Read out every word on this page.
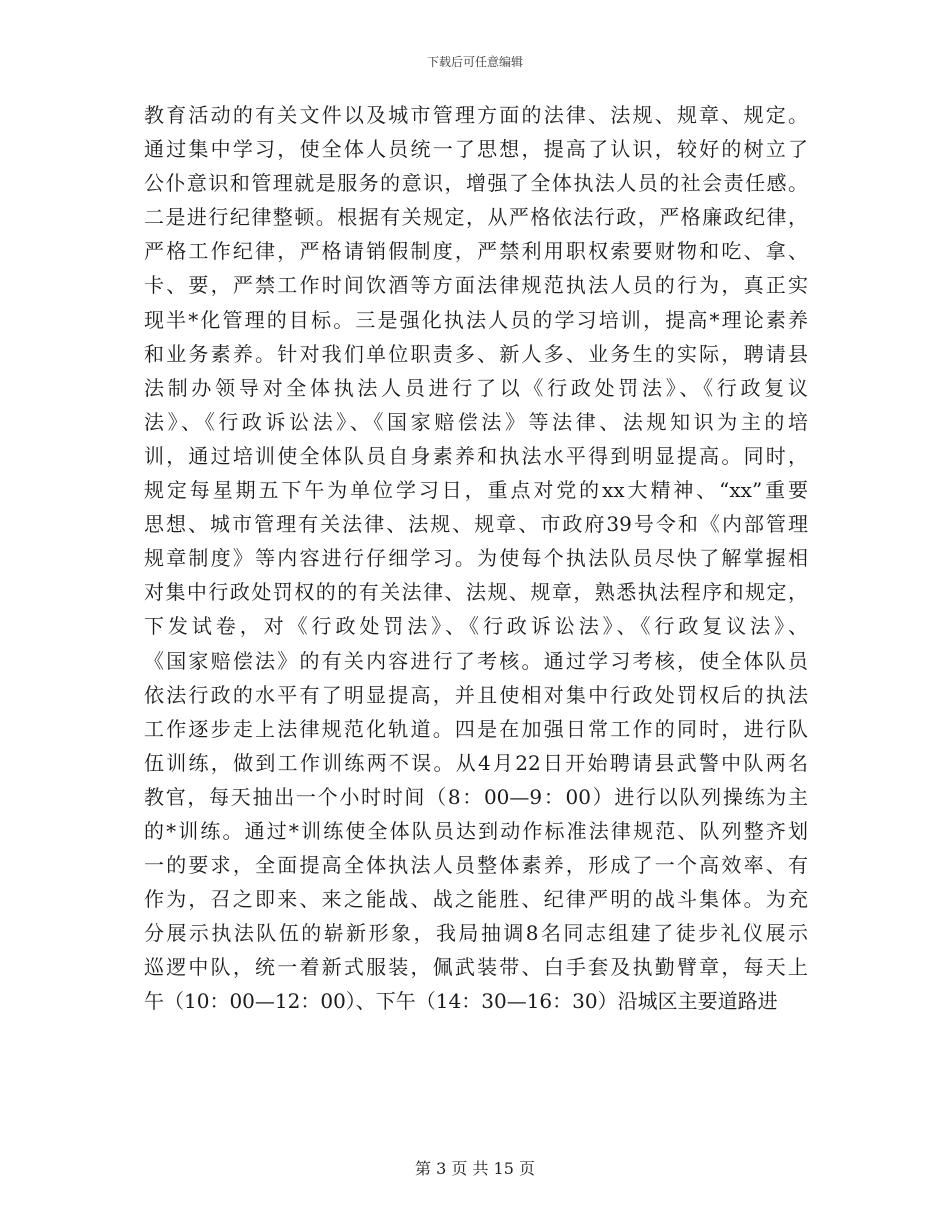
下载后可任意编辑
教育活动的有关文件以及城市管理方面的法律、法规、规章、规定。
通过集中学习，使全体人员统一了思想，提高了认识，较好的树立了
公仆意识和管理就是服务的意识，增强了全体执法人员的社会责任感。
二是进行纪律整顿。根据有关规定，从严格依法行政，严格廉政纪律，
严格工作纪律，严格请销假制度，严禁利用职权索要财物和吃、拿、
卡、要，严禁工作时间饮酒等方面法律规范执法人员的行为，真正实
现半*化管理的目标。三是强化执法人员的学习培训，提高*理论素养
和业务素养。针对我们单位职责多、新人多、业务生的实际，聘请县
法制办领导对全体执法人员进行了以《行政处罚法》、《行政复议
法》、《行政诉讼法》、《国家赔偿法》等法律、法规知识为主的培
训，通过培训使全体队员自身素养和执法水平得到明显提高。同时，
规定每星期五下午为单位学习日，重点对党的xx大精神、“xx”重要
思想、城市管理有关法律、法规、规章、市政府39号令和《内部管理
规章制度》等内容进行仔细学习。为使每个执法队员尽快了解掌握相
对集中行政处罚权的的有关法律、法规、规章，熟悉执法程序和规定，
下发试卷，对《行政处罚法》、《行政诉讼法》、《行政复议法》、
《国家赔偿法》的有关内容进行了考核。通过学习考核，使全体队员
依法行政的水平有了明显提高，并且使相对集中行政处罚权后的执法
工作逐步走上法律规范化轨道。四是在加强日常工作的同时，进行队
伍训练，做到工作训练两不误。从4月22日开始聘请县武警中队两名
教官，每天抽出一个小时时间（8：00—9：00）进行以队列操练为主
的*训练。通过*训练使全体队员达到动作标准法律规范、队列整齐划
一的要求，全面提高全体执法人员整体素养，形成了一个高效率、有
作为，召之即来、来之能战、战之能胜、纪律严明的战斗集体。为充
分展示执法队伍的崭新形象，我局抽调8名同志组建了徒步礼仪展示
巡逻中队，统一着新式服装，佩武装带、白手套及执勤臂章，每天上
午（10：00—12：00）、下午（14：30—16：30）沿城区主要道路进
第 3 页 共 15 页
